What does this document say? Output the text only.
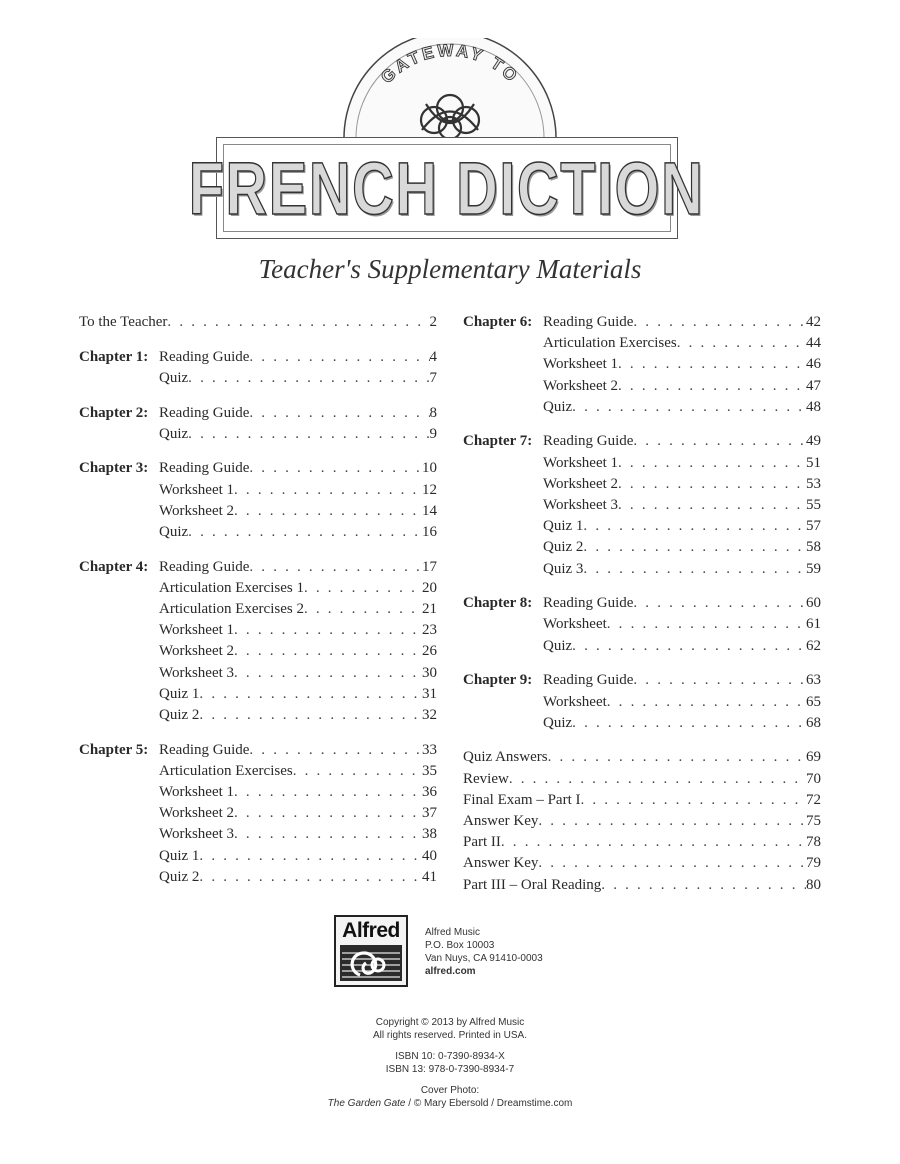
GATEWAY TO
FRENCH DICTION
Teacher's Supplementary Materials
To the Teacher . . .	2
Chapter 1: Reading Guide . . .	4
Quiz . . .	7
Chapter 2: Reading Guide . . .	8
Quiz . . .	9
Chapter 3: Reading Guide . . .	10
Worksheet 1 . . .	12
Worksheet 2 . . .	14
Quiz . . .	16
Chapter 4: Reading Guide . . .	17
Articulation Exercises 1 . . .	20
Articulation Exercises 2 . . .	21
Worksheet 1 . . .	23
Worksheet 2 . . .	26
Worksheet 3 . . .	30
Quiz 1 . . .	31
Quiz 2 . . .	32
Chapter 5: Reading Guide . . .	33
Articulation Exercises . . .	35
Worksheet 1 . . .	36
Worksheet 2 . . .	37
Worksheet 3 . . .	38
Quiz 1 . . .	40
Quiz 2 . . .	41
Chapter 6: Reading Guide . . .	42
Articulation Exercises . . .	44
Worksheet 1 . . .	46
Worksheet 2 . . .	47
Quiz . . .	48
Chapter 7: Reading Guide . . .	49
Worksheet 1 . . .	51
Worksheet 2 . . .	53
Worksheet 3 . . .	55
Quiz 1 . . .	57
Quiz 2 . . .	58
Quiz 3 . . .	59
Chapter 8: Reading Guide . . .	60
Worksheet . . .	61
Quiz . . .	62
Chapter 9: Reading Guide . . .	63
Worksheet . . .	65
Quiz . . .	68
Quiz Answers . . .	69
Review . . .	70
Final Exam – Part I . . .	72
Answer Key . . .	75
Part II . . .	78
Answer Key . . .	79
Part III – Oral Reading . . .	80
Alfred	Alfred Music
P.O. Box 10003
Van Nuys, CA 91410-0003
alfred.com
Copyright © 2013 by Alfred Music
All rights reserved. Printed in USA.
ISBN 10: 0-7390-8934-X
ISBN 13: 978-0-7390-8934-7
Cover Photo:
The Garden Gate / © Mary Ebersold / Dreamstime.com
